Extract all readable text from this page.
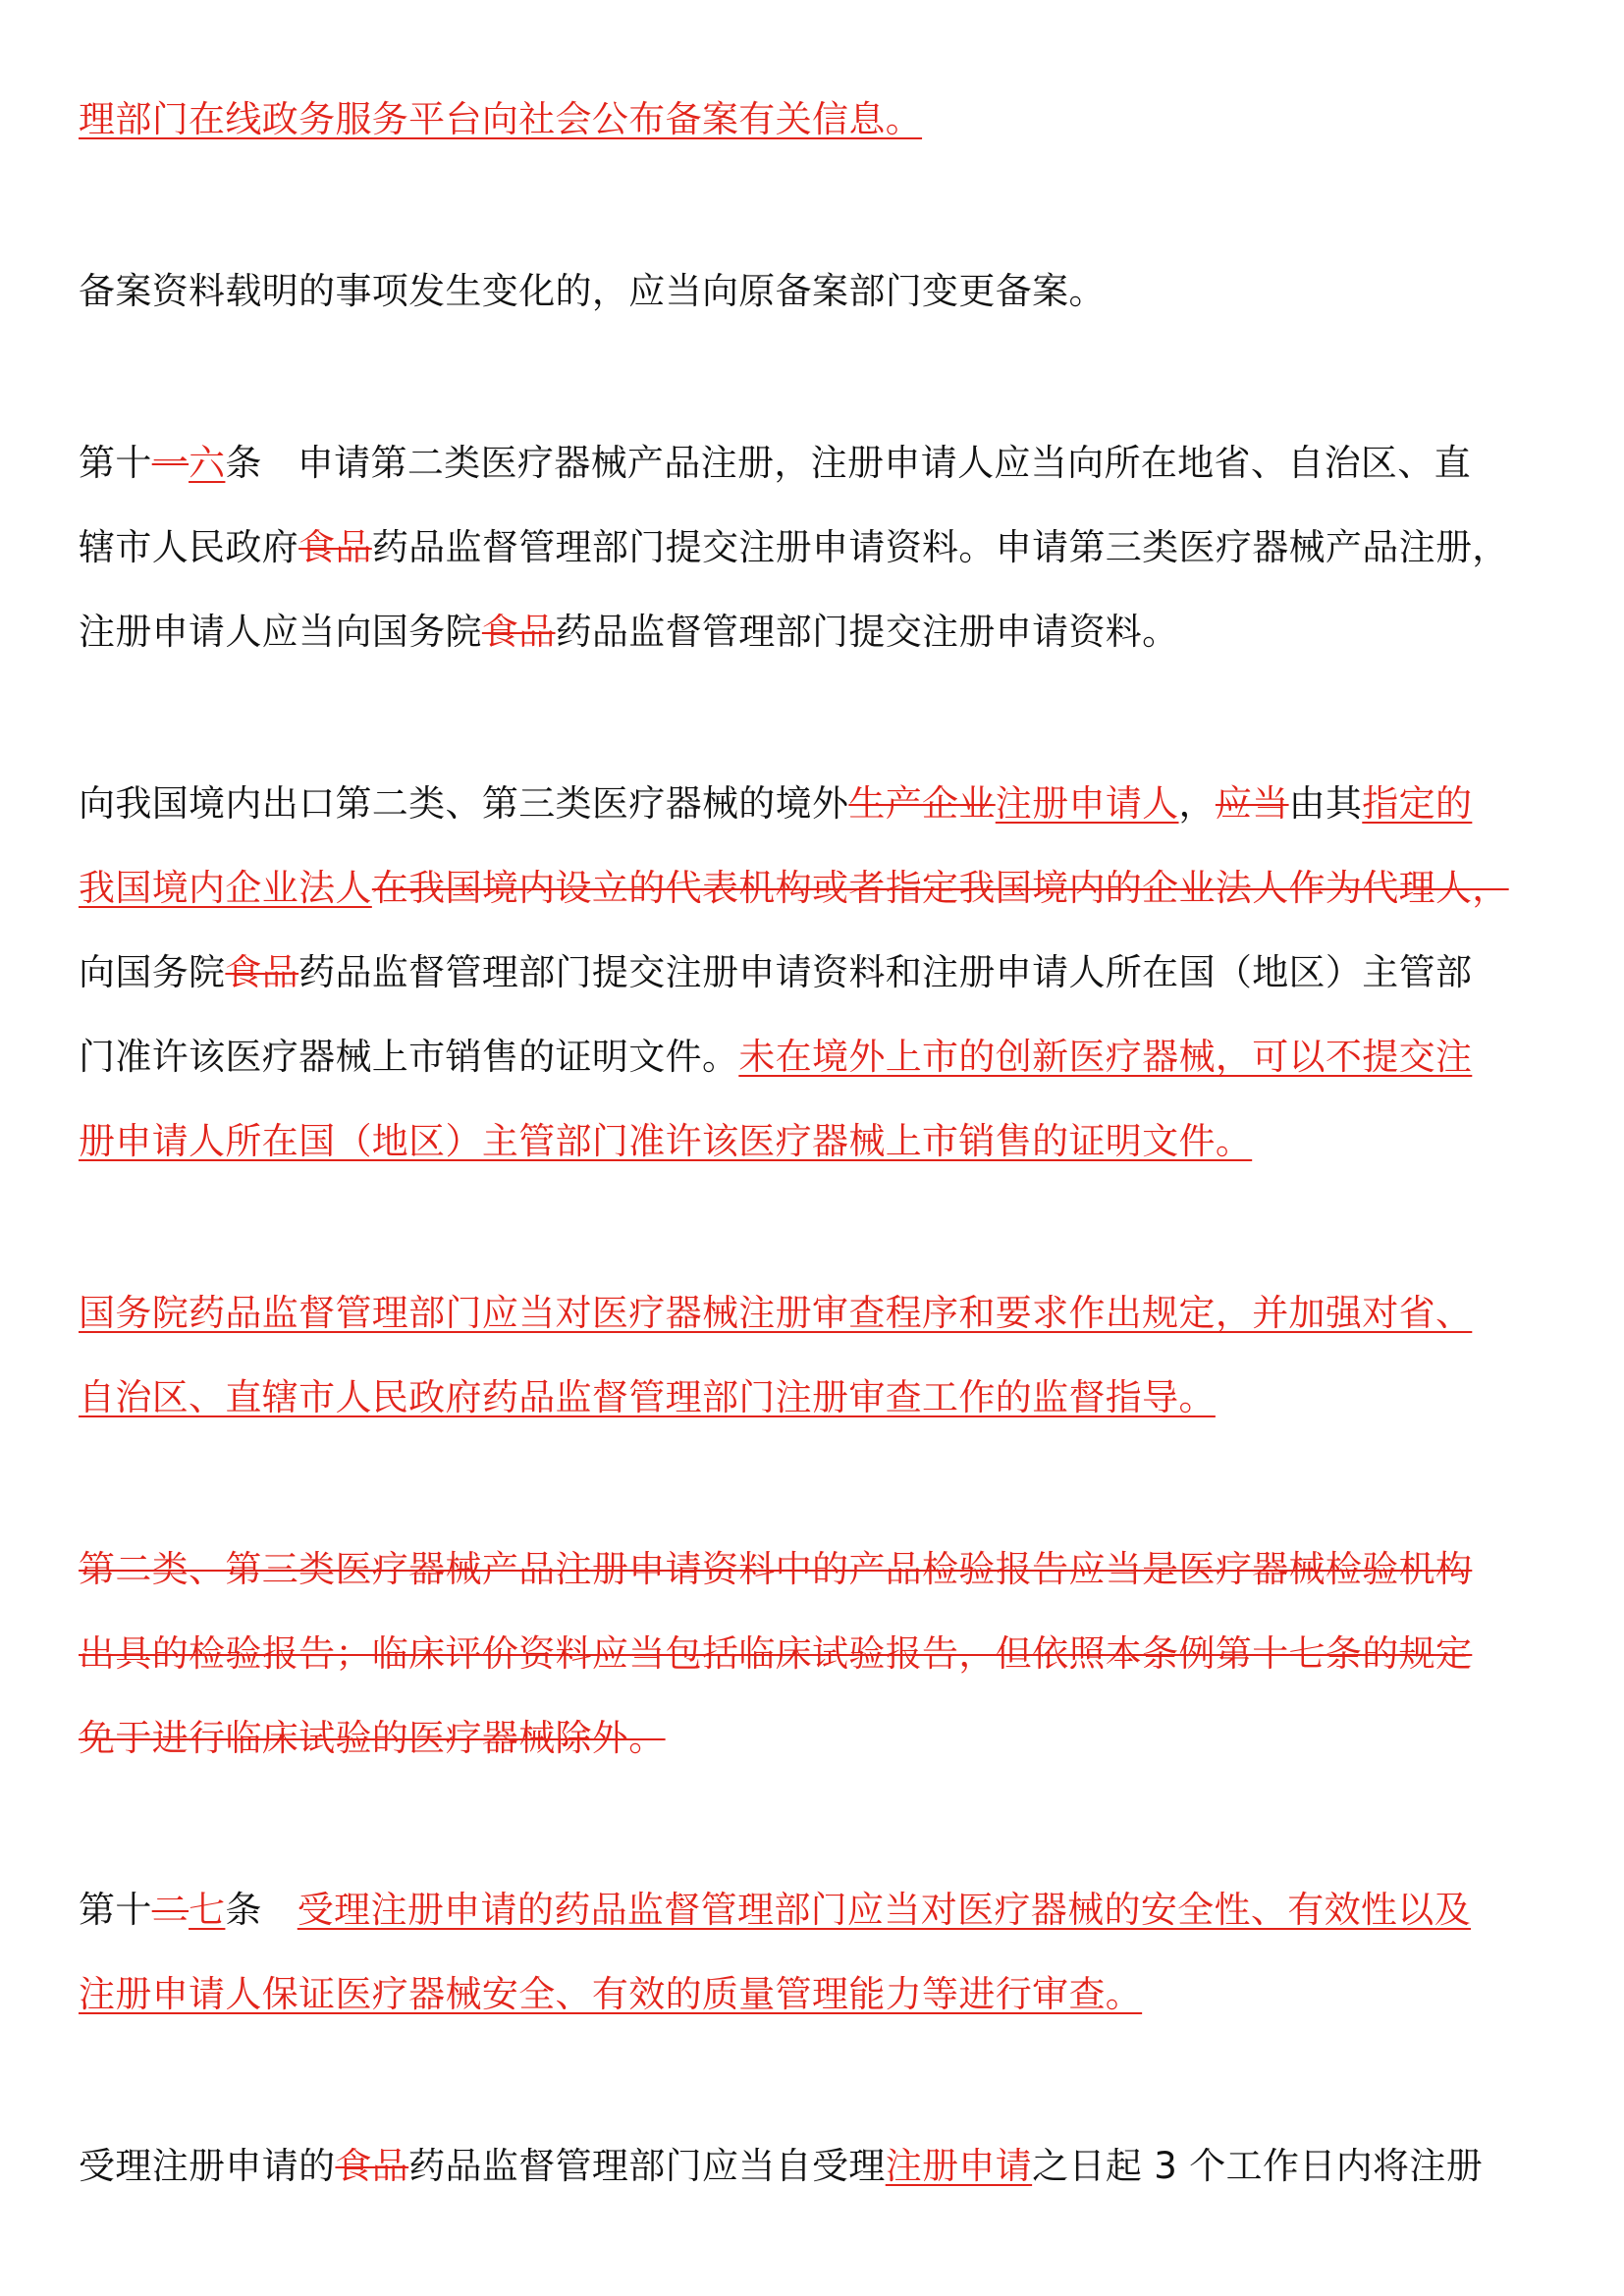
理部门在线政务服务平台向社会公布备案有关信息。
备案资料载明的事项发生变化的，应当向原备案部门变更备案。
第十一六条 申请第二类医疗器械产品注册，注册申请人应当向所在地省、自治区、直
辖市人民政府食品药品监督管理部门提交注册申请资料。申请第三类医疗器械产品注册，
注册申请人应当向国务院食品药品监督管理部门提交注册申请资料。
向我国境内出口第二类、第三类医疗器械的境外生产企业注册申请人，应当由其指定的
我国境内企业法人在我国境内设立的代表机构或者指定我国境内的企业法人作为代理人，
向国务院食品药品监督管理部门提交注册申请资料和注册申请人所在国（地区）主管部
门准许该医疗器械上市销售的证明文件。未在境外上市的创新医疗器械，可以不提交注
册申请人所在国（地区）主管部门准许该医疗器械上市销售的证明文件。
国务院药品监督管理部门应当对医疗器械注册审查程序和要求作出规定，并加强对省、
自治区、直辖市人民政府药品监督管理部门注册审查工作的监督指导。
第二类、第三类医疗器械产品注册申请资料中的产品检验报告应当是医疗器械检验机构
出具的检验报告；临床评价资料应当包括临床试验报告，但依照本条例第十七条的规定
免于进行临床试验的医疗器械除外。
第十二七条 受理注册申请的药品监督管理部门应当对医疗器械的安全性、有效性以及
注册申请人保证医疗器械安全、有效的质量管理能力等进行审查。
受理注册申请的食品药品监督管理部门应当自受理注册申请之日起 3 个工作日内将注册
